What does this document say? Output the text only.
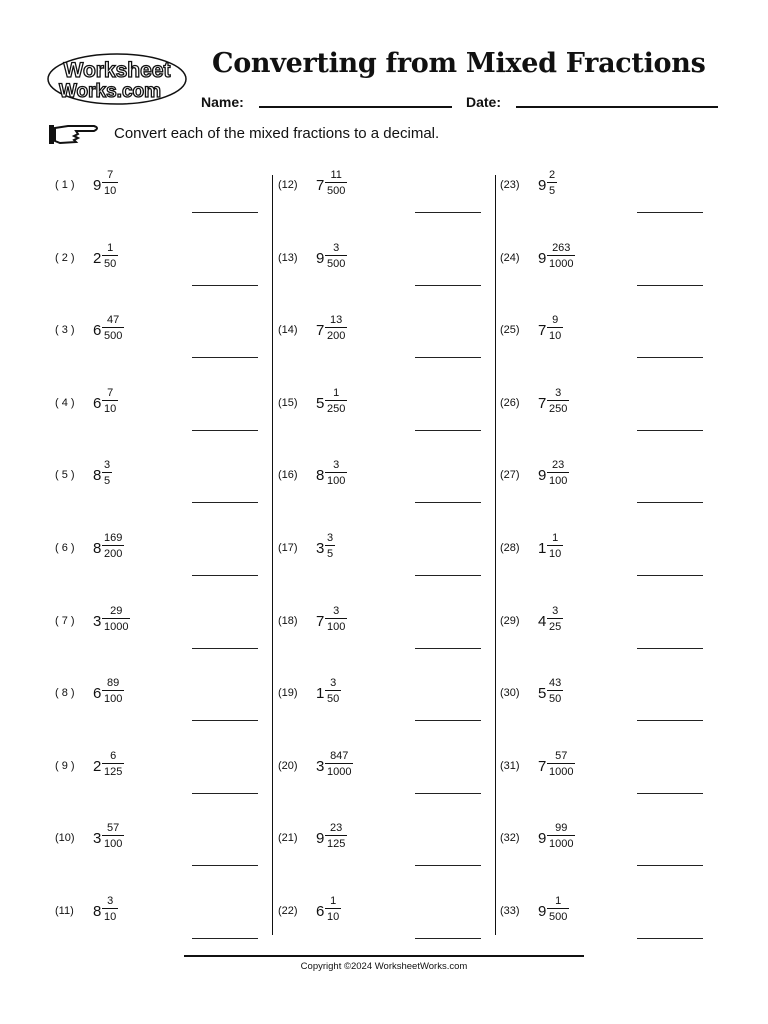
Worksheet
Works.com
Converting from Mixed Fractions
Name:	Date:
Convert each of the mixed fractions to a decimal.
( 1 )	9
7
10
( 2 )	2
1
50
( 3 )	6
47
500
( 4 )	6
7
10
( 5 )	8
3
5
( 6 )	8
169
200
( 7 )	3
29
1000
( 8 )	6
89
100
( 9 )	2
6
125
(10)	3
57
100
(11)	8
3
10
(12)	7
11
500
(13)	9
3
500
(14)	7
13
200
(15)	5
1
250
(16)	8
3
100
(17)	3
3
5
(18)	7
3
100
(19)	1
3
50
(20)	3
847
1000
(21)	9
23
125
(22)	6
1
10
(23)	9
2
5
(24)	9
263
1000
(25)	7
9
10
(26)	7
3
250
(27)	9
23
100
(28)	1
1
10
(29)	4
3
25
(30)	5
43
50
(31)	7
57
1000
(32)	9
99
1000
(33)	9
1
500
Copyright ©2024 WorksheetWorks.com
